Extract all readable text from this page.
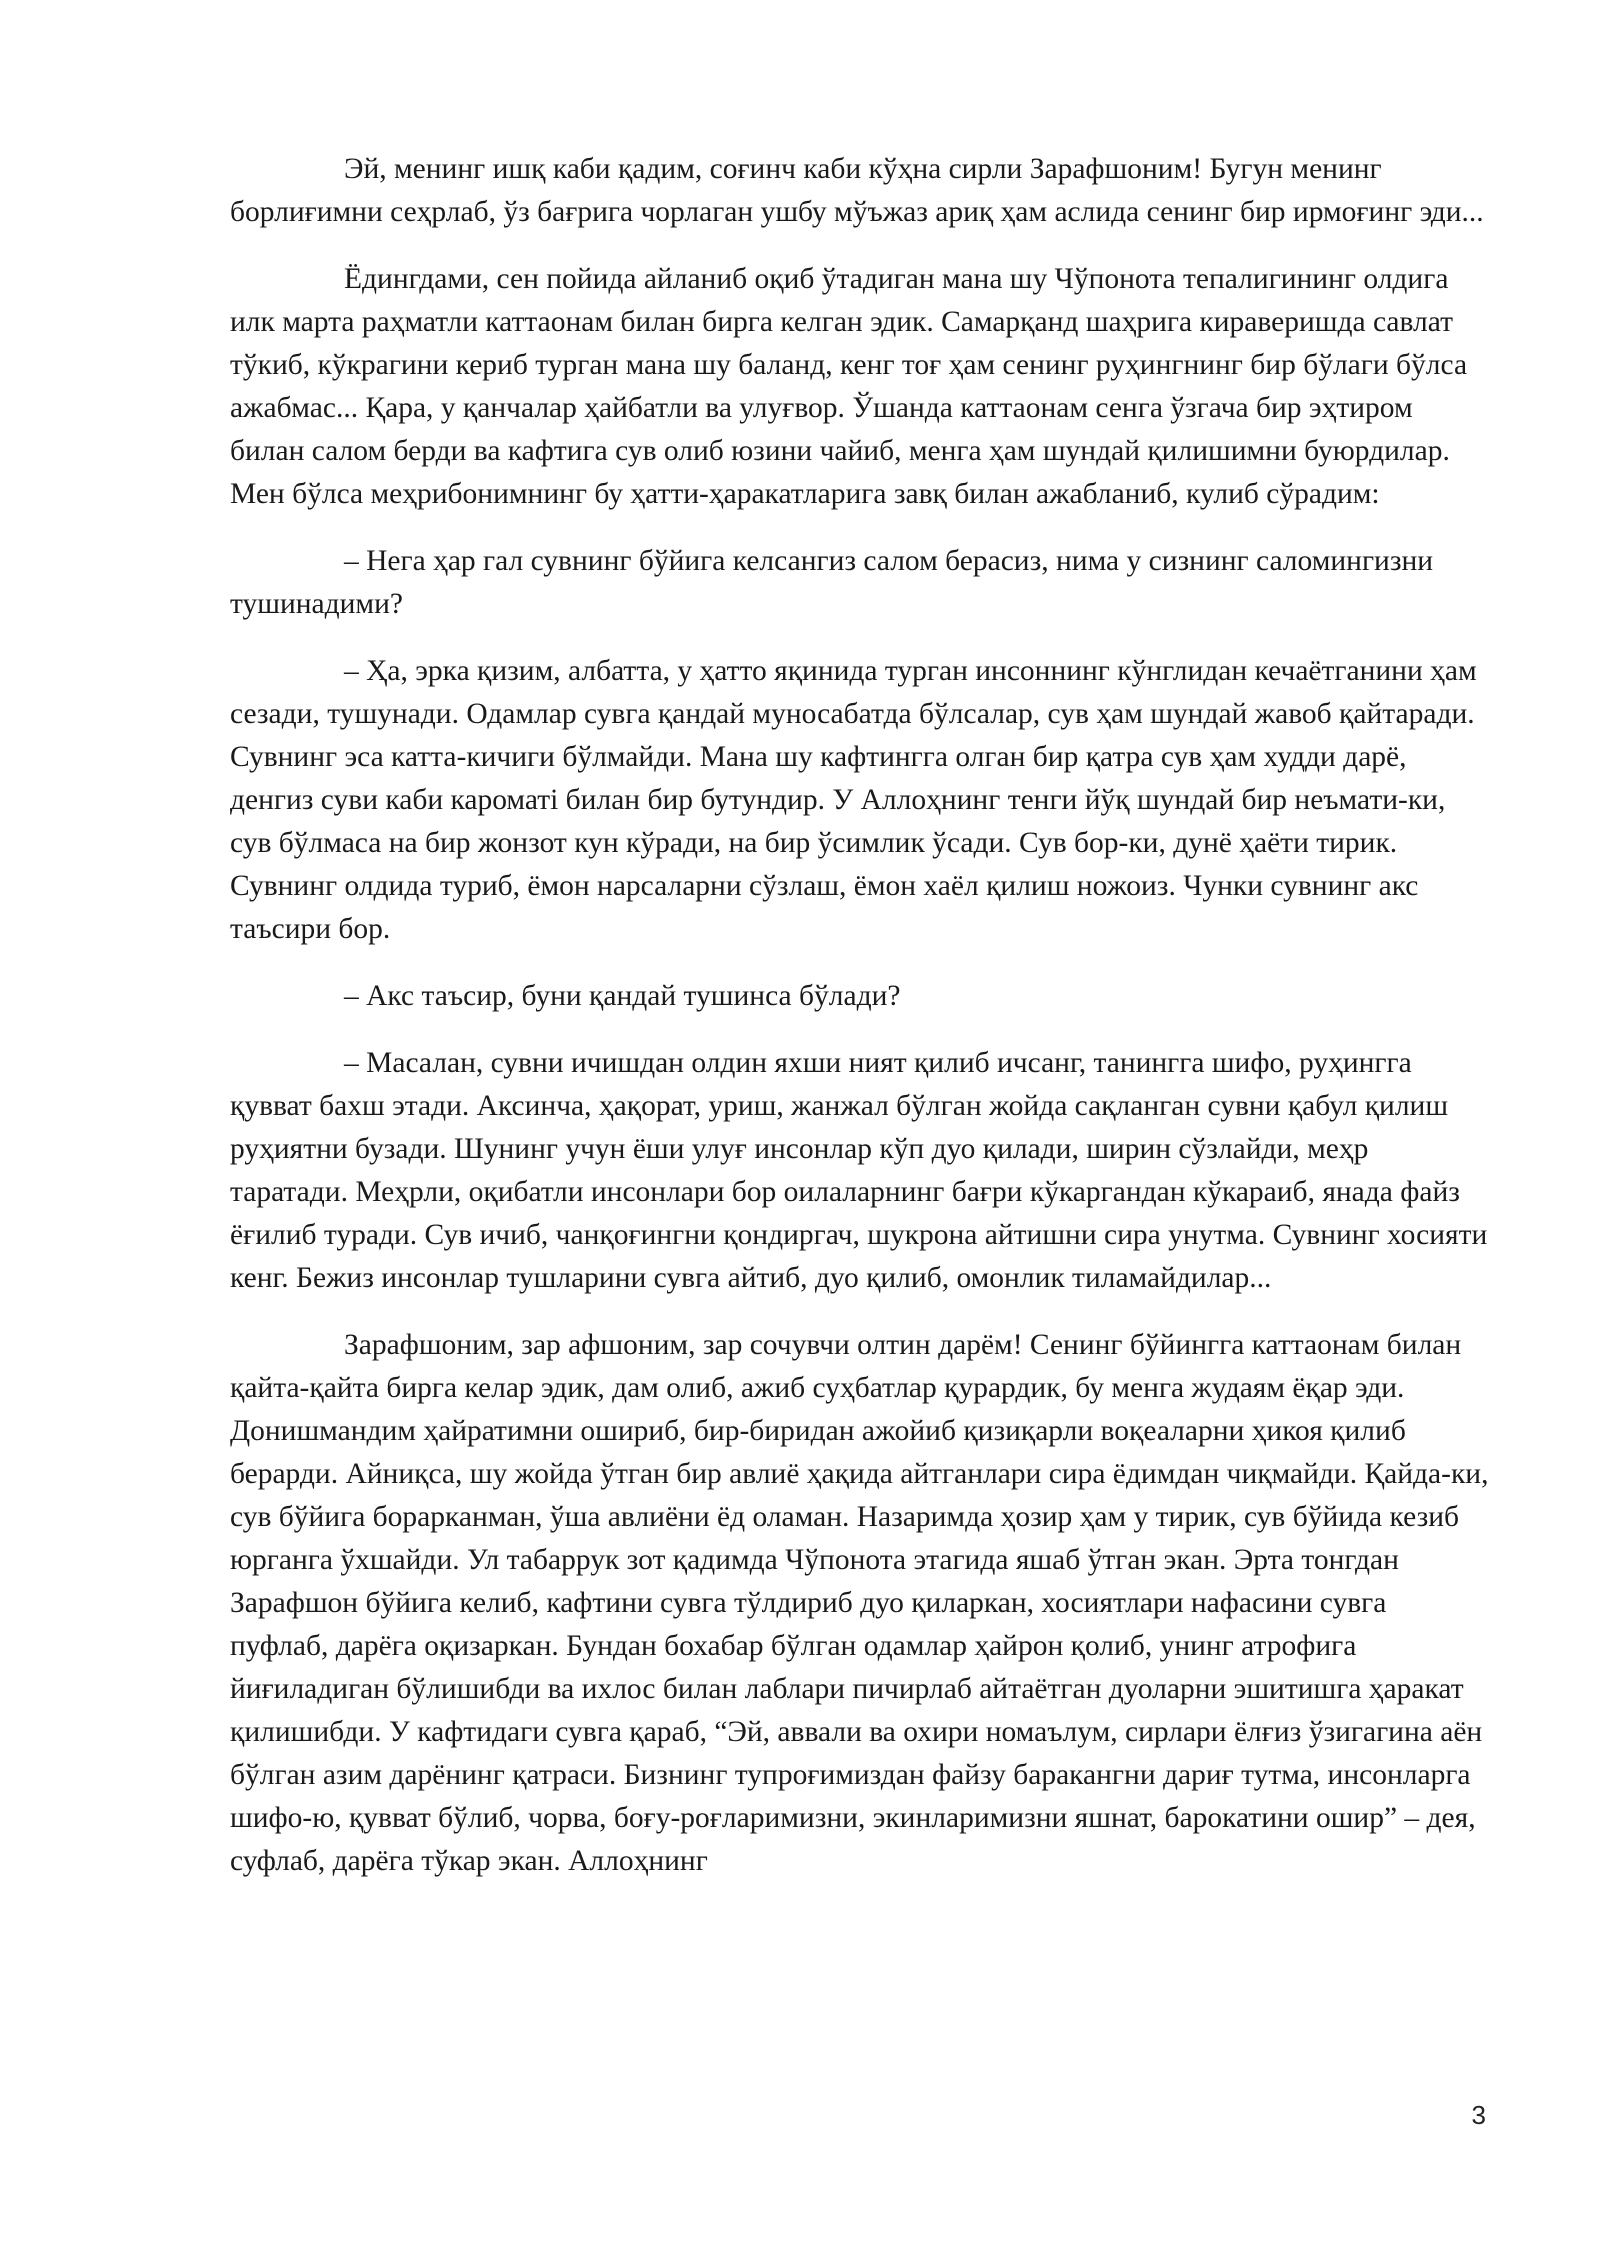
Эй, менинг ишқ каби қадим, соғинч каби кўҳна сирли Зарафшоним! Бугун менинг борлиғимни сеҳрлаб, ўз бағрига чорлаган ушбу мўъжаз ариқ ҳам аслида сенинг бир ирмоғинг эди...

Ёдингдами, сен пойида айланиб оқиб ўтадиган мана шу Чўпонота тепалигининг олдига илк марта раҳматли каттаонам билан бирга келган эдик. Самарқанд шаҳрига кираверишда савлат тўкиб, кўкрагини кериб турган мана шу баланд, кенг тоғ ҳам сенинг руҳингнинг бир бўлаги бўлса ажабмас... Қара, у қанчалар ҳайбатли ва улуғвор. Ўшанда каттаонам сенга ўзгача бир эҳтиром билан салом берди ва кафтига сув олиб юзини чайиб, менга ҳам шундай қилишимни буюрдилар. Мен бўлса меҳрибонимнинг бу ҳатти-ҳаракатларига завқ билан ажабланиб, кулиб сўрадим:

– Нега ҳар гал сувнинг бўйига келсангиз салом берасиз, нима у сизнинг саломингизни тушинадими?

– Ҳа, эрка қизим, албатта, у ҳатто яқинида турган инсоннинг кўнглидан кечаётганини ҳам сезади, тушунади. Одамлар сувга қандай муносабатда бўлсалар, сув ҳам шундай жавоб қайтаради. Сувнинг эса катта-кичиги бўлмайди. Мана шу кафтингга олган бир қатра сув ҳам худди дарё, денгиз суви каби кароматi билан бир бутундир. У Аллоҳнинг тенги йўқ шундай бир неъмати-ки, сув бўлмаса на бир жонзот кун кўради, на бир ўсимлик ўсади. Сув бор-ки, дунё ҳаёти тирик. Сувнинг олдида туриб, ёмон нарсаларни сўзлаш, ёмон хаёл қилиш ножоиз. Чунки сувнинг акс таъсири бор.

– Акс таъсир, буни қандай тушинса бўлади?

– Масалан, сувни ичишдан олдин яхши ният қилиб ичсанг, танингга шифо, руҳингга қувват бахш этади. Аксинча, ҳақорат, уриш, жанжал бўлган жойда сақланган сувни қабул қилиш руҳиятни бузади. Шунинг учун ёши улуғ инсонлар кўп дуо қилади, ширин сўзлайди, меҳр таратади. Меҳрли, оқибатли инсонлари бор оилаларнинг бағри кўкаргандан кўкараиб, янада файз ёғилиб туради. Сув ичиб, чанқоғингни қондиргач, шукрона айтишни сира унутма. Сувнинг хосияти кенг. Бежиз инсонлар тушларини сувга айтиб, дуо қилиб, омонлик тиламайдилар...

Зарафшоним, зар афшоним, зар сочувчи олтин дарём! Сенинг бўйингга каттаонам билан қайта-қайта бирга келар эдик, дам олиб, ажиб суҳбатлар қурардик, бу менга жудаям ёқар эди. Донишмандим ҳайратимни ошириб, бир-биридан ажойиб қизиқарли воқеаларни ҳикоя қилиб берарди. Айниқса, шу жойда ўтган бир авлиё ҳақида айтганлари сира ёдимдан чиқмайди. Қайда-ки, сув бўйига борарканман, ўша авлиёни ёд оламан. Назаримда ҳозир ҳам у тирик, сув бўйида кезиб юрганга ўхшайди. Ул табаррук зот қадимда Чўпонота этагида яшаб ўтган экан. Эрта тонгдан Зарафшон бўйига келиб, кафтини сувга тўлдириб дуо қиларкан, хосиятлари нафасини сувга пуфлаб, дарёга оқизаркан. Бундан бохабар бўлган одамлар ҳайрон қолиб, унинг атрофига йиғиладиган бўлишибди ва ихлос билан лаблари пичирлаб айтаётган дуоларни эшитишга ҳаракат қилишибди. У кафтидаги сувга қараб, “Эй, аввали ва охири номаълум, сирлари ёлғиз ўзигагина аён бўлган азим дарёнинг қатраси. Бизнинг тупроғимиздан файзу баракангни дариғ тутма, инсонларга шифо-ю, қувват бўлиб, чорва, боғу-роғларимизни, экинларимизни яшнат, барокатини ошир” – дея, суфлаб, дарёга тўкар экан. Аллоҳнинг

3
